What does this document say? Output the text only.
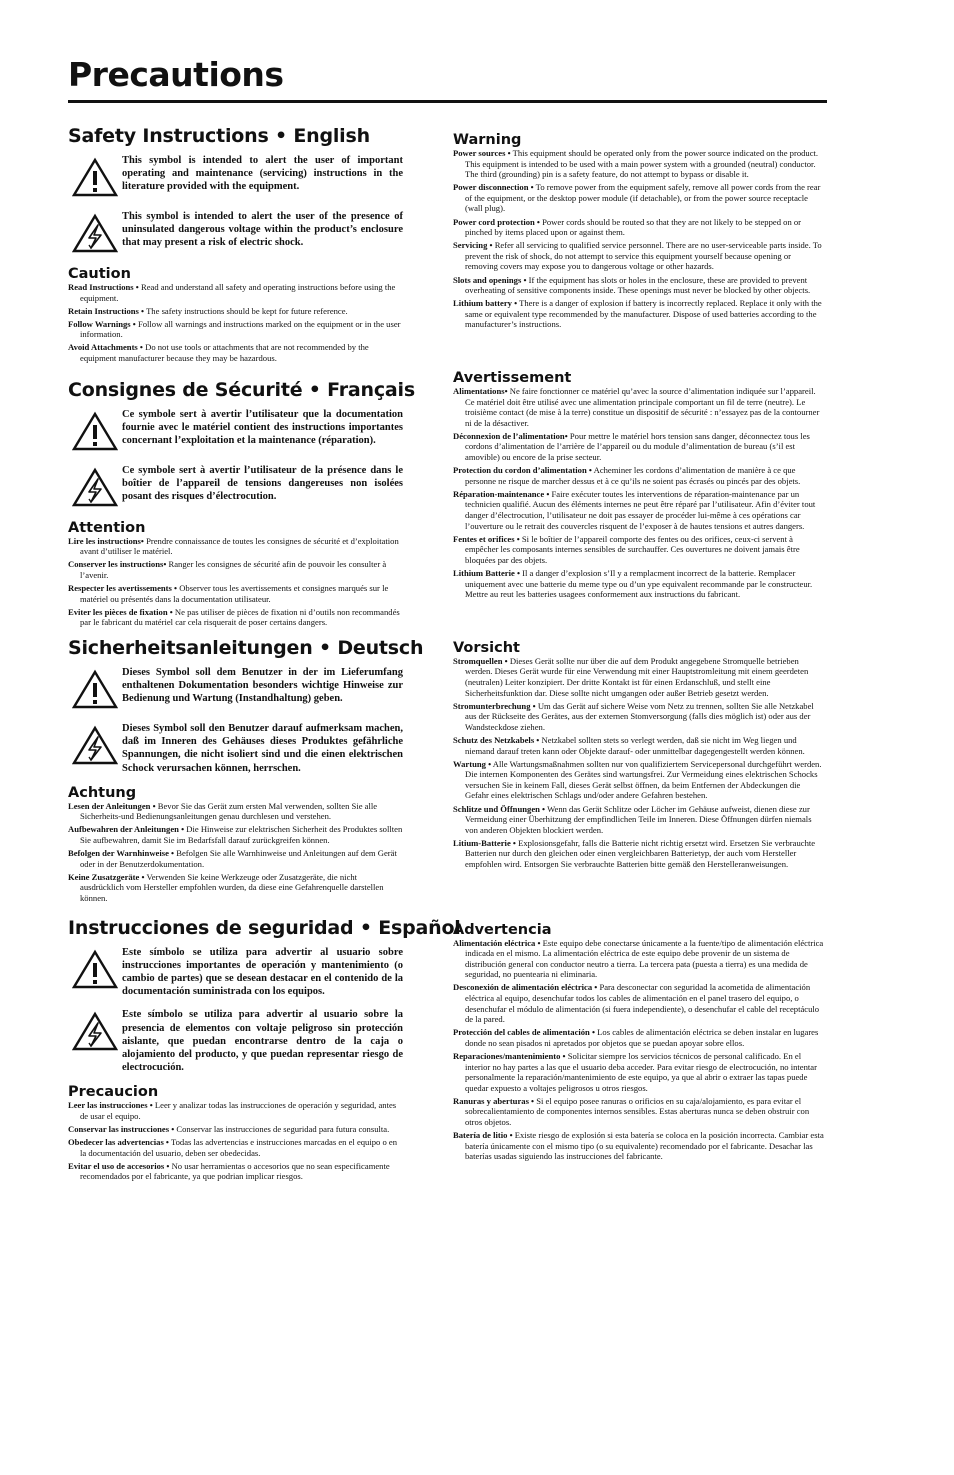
Precautions
Safety Instructions • English
This symbol is intended to alert the user of important operating and maintenance (servicing) instructions in the literature provided with the equipment.
This symbol is intended to alert the user of the presence of uninsulated dangerous voltage within the product’s enclosure that may present a risk of electric shock.
Caution
Read Instructions • Read and understand all safety and operating instructions before using the equipment.
Retain Instructions • The safety instructions should be kept for future reference.
Follow Warnings • Follow all warnings and instructions marked on the equipment or in the user information.
Avoid Attachments • Do not use tools or attachments that are not recommended by the equipment manufacturer because they may be hazardous.
Consignes de Sécurité • Français
Ce symbole sert à avertir l’utilisateur que la documentation fournie avec le matériel contient des instructions importantes concernant l’exploitation et la maintenance (réparation).
Ce symbole sert à avertir l’utilisateur de la présence dans le boîtier de l’appareil de tensions dangereuses non isolées posant des risques d’électrocution.
Attention
Lire les instructions• Prendre connaissance de toutes les consignes de sécurité et d’exploitation avant d’utiliser le matériel.
Conserver les instructions• Ranger les consignes de sécurité afin de pouvoir les consulter à l’avenir.
Respecter les avertissements • Observer tous les avertissements et consignes marqués sur le matériel ou présentés dans la documentation utilisateur.
Eviter les pièces de fixation • Ne pas utiliser de pièces de fixation ni d’outils non recommandés par le fabricant du matériel car cela risquerait de poser certains dangers.
Sicherheitsanleitungen • Deutsch
Dieses Symbol soll dem Benutzer in der im Lieferumfang enthaltenen Dokumentation besonders wichtige Hinweise zur Bedienung und Wartung (Instandhaltung) geben.
Dieses Symbol soll den Benutzer darauf aufmerksam machen, daß im Inneren des Gehäuses dieses Produktes gefährliche Spannungen, die nicht isoliert sind und die einen elektrischen Schock verursachen können, herrschen.
Achtung
Lesen der Anleitungen • Bevor Sie das Gerät zum ersten Mal verwenden, sollten Sie alle Sicherheits-und Bedienungsanleitungen genau durchlesen und verstehen.
Aufbewahren der Anleitungen • Die Hinweise zur elektrischen Sicherheit des Produktes sollten Sie aufbewahren, damit Sie im Bedarfsfall darauf zurückgreifen können.
Befolgen der Warnhinweise • Befolgen Sie alle Warnhinweise und Anleitungen auf dem Gerät oder in der Benutzerdokumentation.
Keine Zusatzgeräte • Verwenden Sie keine Werkzeuge oder Zusatzgeräte, die nicht ausdrücklich vom Hersteller empfohlen wurden, da diese eine Gefahrenquelle darstellen können.
Instrucciones de seguridad • Español
Este símbolo se utiliza para advertir al usuario sobre instrucciones importantes de operación y mantenimiento (o cambio de partes) que se desean destacar en el contenido de la documentación suministrada con los equipos.
Este símbolo se utiliza para advertir al usuario sobre la presencia de elementos con voltaje peligroso sin protección aislante, que puedan encontrarse dentro de la caja o alojamiento del producto, y que puedan representar riesgo de electrocución.
Precaucion
Leer las instrucciones • Leer y analizar todas las instrucciones de operación y seguridad, antes de usar el equipo.
Conservar las instrucciones • Conservar las instrucciones de seguridad para futura consulta.
Obedecer las advertencias • Todas las advertencias e instrucciones marcadas en el equipo o en la documentación del usuario, deben ser obedecidas.
Evitar el uso de accesorios • No usar herramientas o accesorios que no sean especificamente recomendados por el fabricante, ya que podrian implicar riesgos.
Warning
Power sources • This equipment should be operated only from the power source indicated on the product. This equipment is intended to be used with a main power system with a grounded (neutral) conductor. The third (grounding) pin is a safety feature, do not attempt to bypass or disable it.
Power disconnection • To remove power from the equipment safely, remove all power cords from the rear of the equipment, or the desktop power module (if detachable), or from the power source receptacle (wall plug).
Power cord protection • Power cords should be routed so that they are not likely to be stepped on or pinched by items placed upon or against them.
Servicing • Refer all servicing to qualified service personnel. There are no user-serviceable parts inside. To prevent the risk of shock, do not attempt to service this equipment yourself because opening or removing covers may expose you to dangerous voltage or other hazards.
Slots and openings • If the equipment has slots or holes in the enclosure, these are provided to prevent overheating of sensitive components inside. These openings must never be blocked by other objects.
Lithium battery • There is a danger of explosion if battery is incorrectly replaced. Replace it only with the same or equivalent type recommended by the manufacturer. Dispose of used batteries according to the manufacturer’s instructions.
Avertissement
Alimentations• Ne faire fonctionner ce matériel qu’avec la source d’alimentation indiquée sur l’appareil. Ce matériel doit être utilisé avec une alimentation principale comportant un fil de terre (neutre). Le troisième contact (de mise à la terre) constitue un dispositif de sécurité : n’essayez pas de la contourner ni de la désactiver.
Déconnexion de l’alimentation• Pour mettre le matériel hors tension sans danger, déconnectez tous les cordons d’alimentation de l’arrière de l’appareil ou du module d’alimentation de bureau (s’il est amovible) ou encore de la prise secteur.
Protection du cordon d’alimentation • Acheminer les cordons d’alimentation de manière à ce que personne ne risque de marcher dessus et à ce qu’ils ne soient pas écrasés ou pincés par des objets.
Réparation-maintenance • Faire exécuter toutes les interventions de réparation-maintenance par un technicien qualifié. Aucun des éléments internes ne peut être réparé par l’utilisateur. Afin d’éviter tout danger d’électrocution, l’utilisateur ne doit pas essayer de procéder lui-même à ces opérations car l’ouverture ou le retrait des couvercles risquent de l’exposer à de hautes tensions et autres dangers.
Fentes et orifices • Si le boîtier de l’appareil comporte des fentes ou des orifices, ceux-ci servent à empêcher les composants internes sensibles de surchauffer. Ces ouvertures ne doivent jamais être bloquées par des objets.
Lithium Batterie • Il a danger d’explosion s’Il y a remplacment incorrect de la batterie. Remplacer uniquement avec une batterie du meme type ou d’un ype equivalent recommande par le constructeur. Mettre au reut les batteries usagees conformement aux instructions du fabricant.
Vorsicht
Stromquellen • Dieses Gerät sollte nur über die auf dem Produkt angegebene Stromquelle betrieben werden. Dieses Gerät wurde für eine Verwendung mit einer Hauptstromleitung mit einem geerdeten (neutralen) Leiter konzipiert. Der dritte Kontakt ist für einen Erdanschluß, und stellt eine Sicherheitsfunktion dar. Diese sollte nicht umgangen oder außer Betrieb gesetzt werden.
Stromunterbrechung • Um das Gerät auf sichere Weise vom Netz zu trennen, sollten Sie alle Netzkabel aus der Rückseite des Gerätes, aus der externen Stomversorgung (falls dies möglich ist) oder aus der Wandsteckdose ziehen.
Schutz des Netzkabels • Netzkabel sollten stets so verlegt werden, daß sie nicht im Weg liegen und niemand darauf treten kann oder Objekte darauf- oder unmittelbar dagegengestellt werden können.
Wartung • Alle Wartungsmaßnahmen sollten nur von qualifiziertem Servicepersonal durchgeführt werden. Die internen Komponenten des Gerätes sind wartungsfrei. Zur Vermeidung eines elektrischen Schocks versuchen Sie in keinem Fall, dieses Gerät selbst öffnen, da beim Entfernen der Abdeckungen die Gefahr eines elektrischen Schlags und/oder andere Gefahren bestehen.
Schlitze und Öffnungen • Wenn das Gerät Schlitze oder Löcher im Gehäuse aufweist, dienen diese zur Vermeidung einer Überhitzung der empfindlichen Teile im Inneren. Diese Öffnungen dürfen niemals von anderen Objekten blockiert werden.
Litium-Batterie • Explosionsgefahr, falls die Batterie nicht richtig ersetzt wird. Ersetzen Sie verbrauchte Batterien nur durch den gleichen oder einen vergleichbaren Batterietyp, der auch vom Hersteller empfohlen wird. Entsorgen Sie verbrauchte Batterien bitte gemäß den Herstelleranweisungen.
Advertencia
Alimentación eléctrica • Este equipo debe conectarse únicamente a la fuente/tipo de alimentación eléctrica indicada en el mismo. La alimentación eléctrica de este equipo debe provenir de un sistema de distribución general con conductor neutro a tierra. La tercera pata (puesta a tierra) es una medida de seguridad, no puentearia ni eliminaria.
Desconexión de alimentación eléctrica • Para desconectar con seguridad la acometida de alimentación eléctrica al equipo, desenchufar todos los cables de alimentación en el panel trasero del equipo, o desenchufar el módulo de alimentación (si fuera independiente), o desenchufar el cable del receptáculo de la pared.
Protección del cables de alimentación • Los cables de alimentación eléctrica se deben instalar en lugares donde no sean pisados ni apretados por objetos que se puedan apoyar sobre ellos.
Reparaciones/mantenimiento • Solicitar siempre los servicios técnicos de personal calificado. En el interior no hay partes a las que el usuario deba acceder. Para evitar riesgo de electrocución, no intentar personalmente la reparación/mantenimiento de este equipo, ya que al abrir o extraer las tapas puede quedar expuesto a voltajes peligrosos u otros riesgos.
Ranuras y aberturas • Si el equipo posee ranuras o orificios en su caja/alojamiento, es para evitar el sobrecalientamiento de componentes internos sensibles. Estas aberturas nunca se deben obstruir con otros objetos.
Batería de litio • Existe riesgo de explosión si esta batería se coloca en la posición incorrecta. Cambiar esta batería únicamente con el mismo tipo (o su equivalente) recomendado por el fabricante. Desachar las baterías usadas siguiendo las instrucciones del fabricante.
